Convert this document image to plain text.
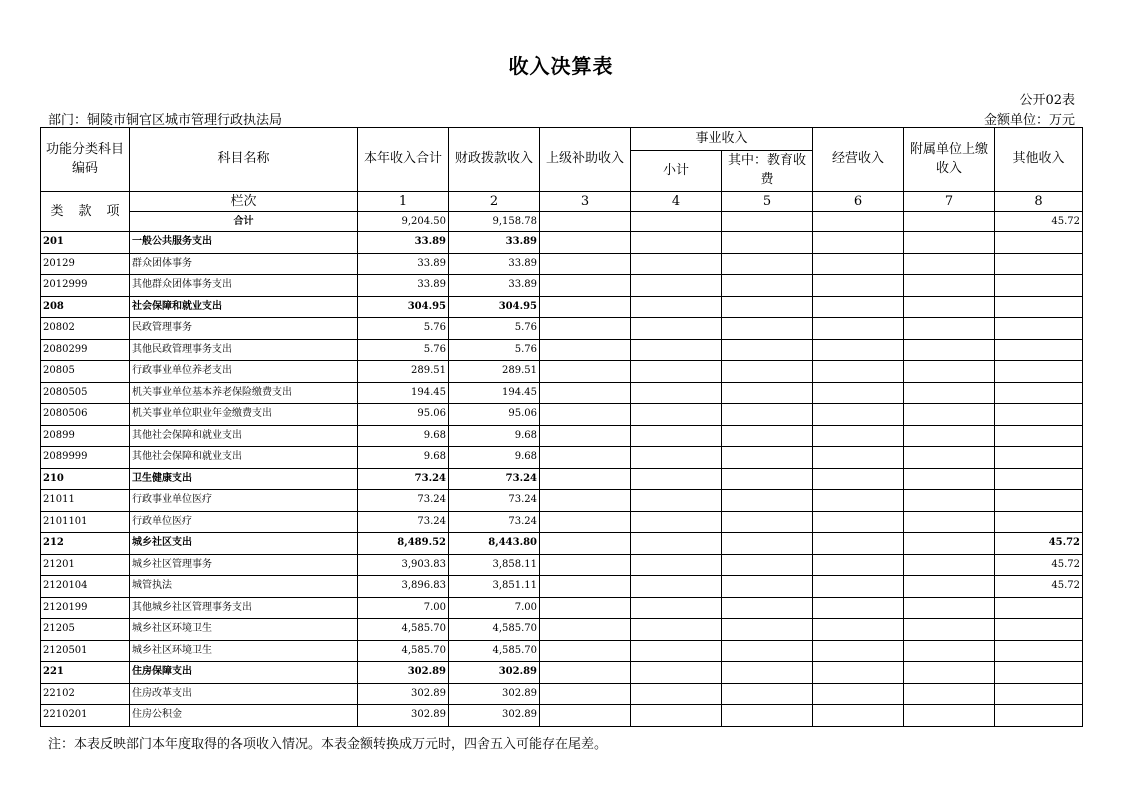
收入决算表
公开02表
部门：铜陵市铜官区城市管理行政执法局	金额单位：万元
功能分类科目编码	科目名称	本年收入合计	财政拨款收入	上级补助收入	事业收入		经营收入	附属单位上缴收入	其他收入
					小计	其中：教育收费			

类 款 项	栏次	1	2	3	4	5	6	7	8
	合计	9,204.50	9,158.78						45.72
201	一般公共服务支出	33.89	33.89						
20129	群众团体事务	33.89	33.89						
2012999	其他群众团体事务支出	33.89	33.89						
208	社会保障和就业支出	304.95	304.95						
20802	民政管理事务	5.76	5.76						
2080299	其他民政管理事务支出	5.76	5.76						
20805	行政事业单位养老支出	289.51	289.51						
2080505	机关事业单位基本养老保险缴费支出	194.45	194.45						
2080506	机关事业单位职业年金缴费支出	95.06	95.06						
20899	其他社会保障和就业支出	9.68	9.68						
2089999	其他社会保障和就业支出	9.68	9.68						
210	卫生健康支出	73.24	73.24						
21011	行政事业单位医疗	73.24	73.24						
2101101	行政单位医疗	73.24	73.24						
212	城乡社区支出	8,489.52	8,443.80						45.72
21201	城乡社区管理事务	3,903.83	3,858.11						45.72
2120104	城管执法	3,896.83	3,851.11						45.72
2120199	其他城乡社区管理事务支出	7.00	7.00						
21205	城乡社区环境卫生	4,585.70	4,585.70						
2120501	城乡社区环境卫生	4,585.70	4,585.70						
221	住房保障支出	302.89	302.89						
22102	住房改革支出	302.89	302.89						
2210201	住房公积金	302.89	302.89						
注：本表反映部门本年度取得的各项收入情况。本表金额转换成万元时，四舍五入可能存在尾差。
